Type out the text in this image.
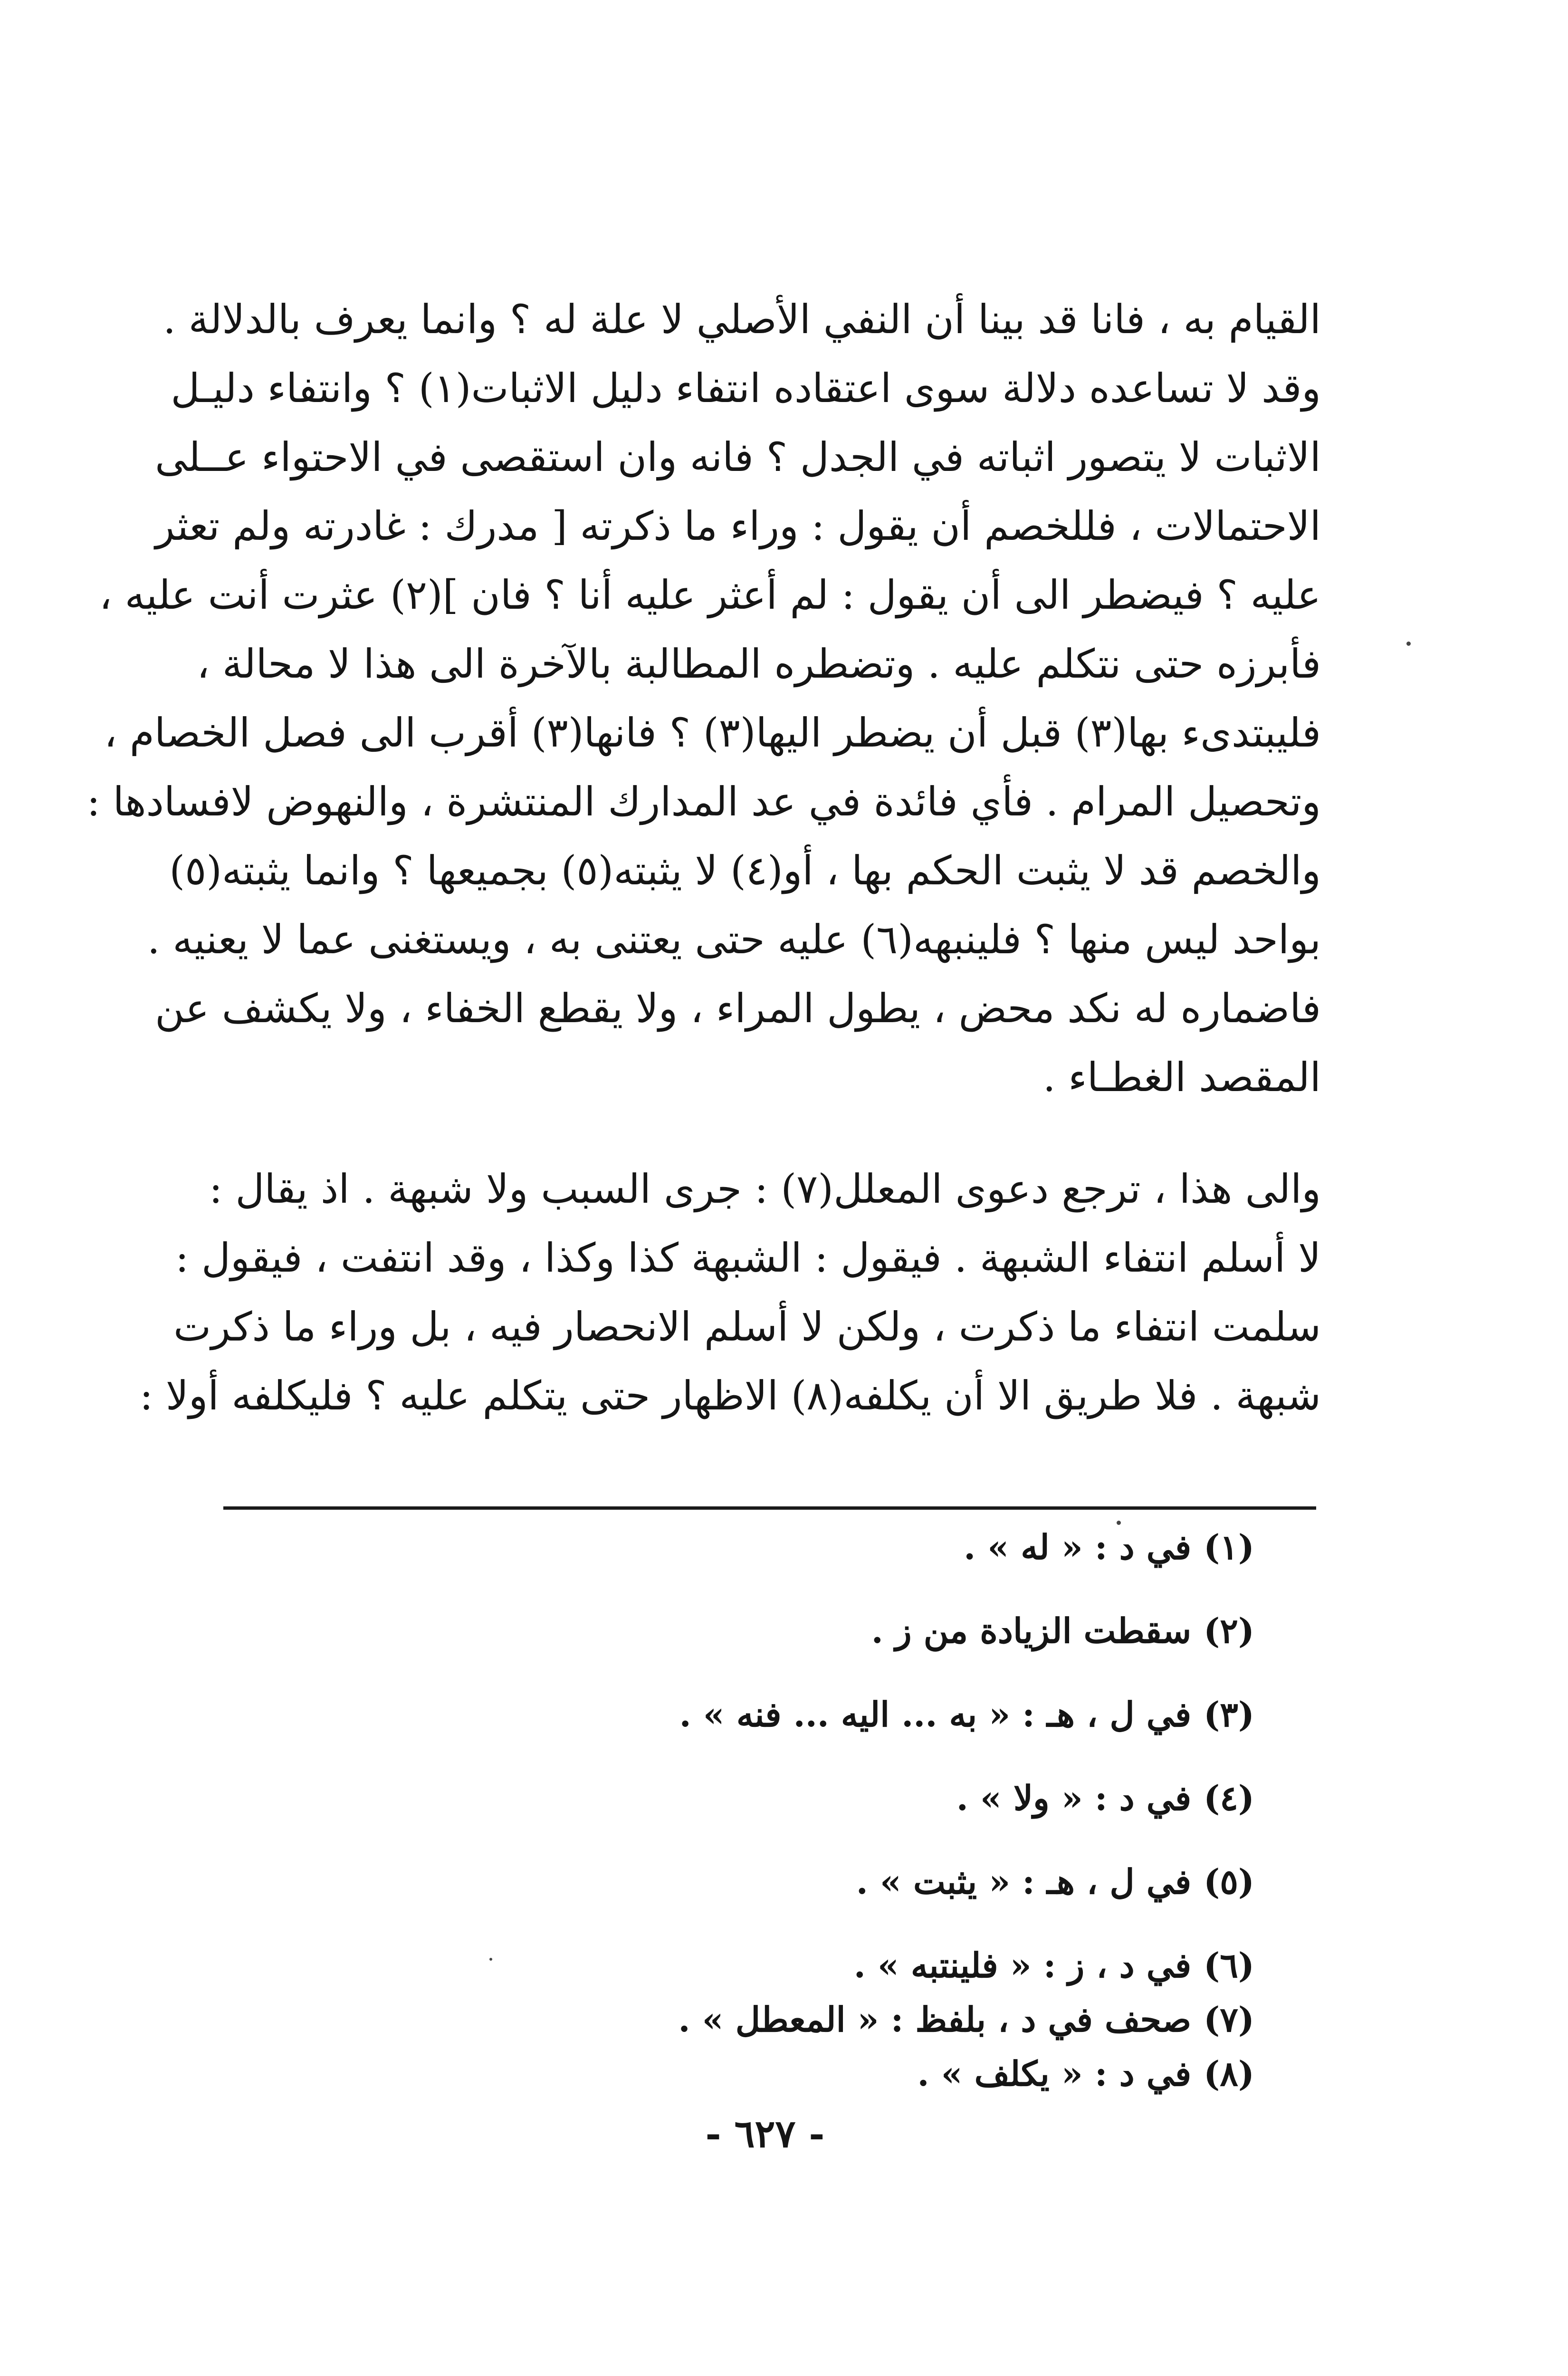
القيام به ، فانا قد بينا أن النفي الأصلي لا علة له ؟ وانما يعرف بالدلالة .
وقد لا تساعده دلالة سوى اعتقاده انتفاء دليل الاثبات(١) ؟ وانتفاء دليـل
الاثبات لا يتصور اثباته في الجدل ؟ فانه وان استقصى في الاحتواء عــلى
الاحتمالات ، فللخصم أن يقول : وراء ما ذكرته [ مدرك : غادرته ولم تعثر
عليه ؟ فيضطر الى أن يقول : لم أعثر عليه أنا ؟ فان ](٢) عثرت أنت عليه ،
فأبرزه حتى نتكلم عليه . وتضطره المطالبة بالآخرة الى هذا لا محالة ،
فليبتدىء بها(٣) قبل أن يضطر اليها(٣) ؟ فانها(٣) أقرب الى فصل الخصام ،
وتحصيل المرام . فأي فائدة في عد المدارك المنتشرة ، والنهوض لافسادها :
والخصم قد لا يثبت الحكم بها ، أو(٤) لا يثبته(٥) بجميعها ؟ وانما يثبته(٥)
بواحد ليس منها ؟ فلينبهه(٦) عليه حتى يعتنى به ، ويستغنى عما لا يعنيه .
فاضماره له نكد محض ، يطول المراء ، ولا يقطع الخفاء ، ولا يكشف عن
المقصد الغطـاء .
والى هذا ، ترجع دعوى المعلل(٧) : جرى السبب ولا شبهة . اذ يقال :
لا أسلم انتفاء الشبهة . فيقول : الشبهة كذا وكذا ، وقد انتفت ، فيقول :
سلمت انتفاء ما ذكرت ، ولكن لا أسلم الانحصار فيه ، بل وراء ما ذكرت
شبهة . فلا طريق الا أن يكلفه(٨) الاظهار حتى يتكلم عليه ؟ فليكلفه أولا :
(١)في د : « له » .
(٢)سقطت الزيادة من ز .
(٣)في ل ، هـ : « به ... اليه ... فنه » .
(٤)في د : « ولا » .
(٥)في ل ، هـ : « يثبت » .
(٦)في د ، ز : « فلينتبه » .
(٧)صحف في د ، بلفظ : « المعطل » .
(٨)في د : « يكلف » .
- ٦٢٧ -
